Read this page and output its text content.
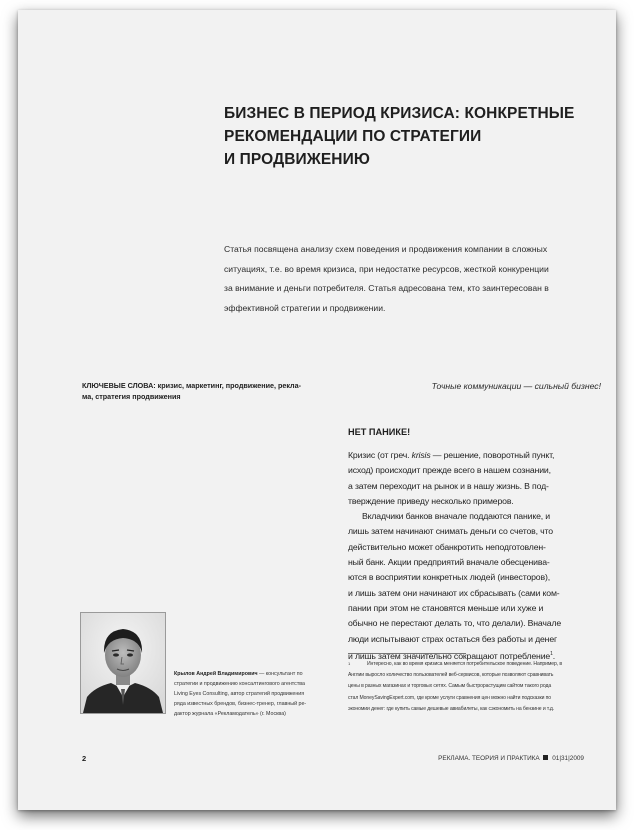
БИЗНЕС В ПЕРИОД КРИЗИСА: КОНКРЕТНЫЕ
РЕКОМЕНДАЦИИ ПО СТРАТЕГИИ
И ПРОДВИЖЕНИЮ
Статья посвящена анализу схем поведения и продвижения компании в сложных
ситуациях, т.е. во время кризиса, при недостатке ресурсов, жесткой конкуренции
за внимание и деньги потребителя. Статья адресована тем, кто заинтересован в
эффективной стратегии и продвижении.
КЛЮЧЕВЫЕ СЛОВА: кризис, маркетинг, продвижение, рекла-
ма, стратегия продвижения
Точные коммуникации — сильный бизнес!
НЕТ ПАНИКЕ!
Кризис (от греч. krisis — решение, поворотный пункт,
исход) происходит прежде всего в нашем сознании,
а затем переходит на рынок и в нашу жизнь. В под-
тверждение приведу несколько примеров.
Вкладчики банков вначале поддаются панике, и
лишь затем начинают снимать деньги со счетов, что
действительно может обанкротить неподготовлен-
ный банк. Акции предприятий вначале обесценива-
ются в восприятии конкретных людей (инвесторов),
и лишь затем они начинают их сбрасывать (сами ком-
пании при этом не становятся меньше или хуже и
обычно не перестают делать то, что делали). Вначале
люди испытывают страх остаться без работы и денег
и лишь затем значительно сокращают потребление$^1$.
1	Интересно, как во время кризиса меняется потребительское поведение. Например, в
Англии выросло количество пользователей веб-сервисов, которые позволяют сравнивать
цены в разных магазинах и торговых сетях. Самым быстрорастущим сайтом такого рода
стал MoneySavingExpert.com, где кроме услуги сравнения цен можно найти подсказки по
экономии денег: где купить самые дешевые авиабилеты, как сэкономить на бензине и т.д.
Крылов Андрей Владимирович — консультант по
стратегии и продвижению консалтингового агентства
Living Eyes Consulting, автор стратегий продвижения
ряда известных брендов, бизнес-тренер, главный ре-
дактор журнала «Рекламодатель» (г. Москва)
2	РЕКЛАМА. ТЕОРИЯ И ПРАКТИКА 01|31|2009
